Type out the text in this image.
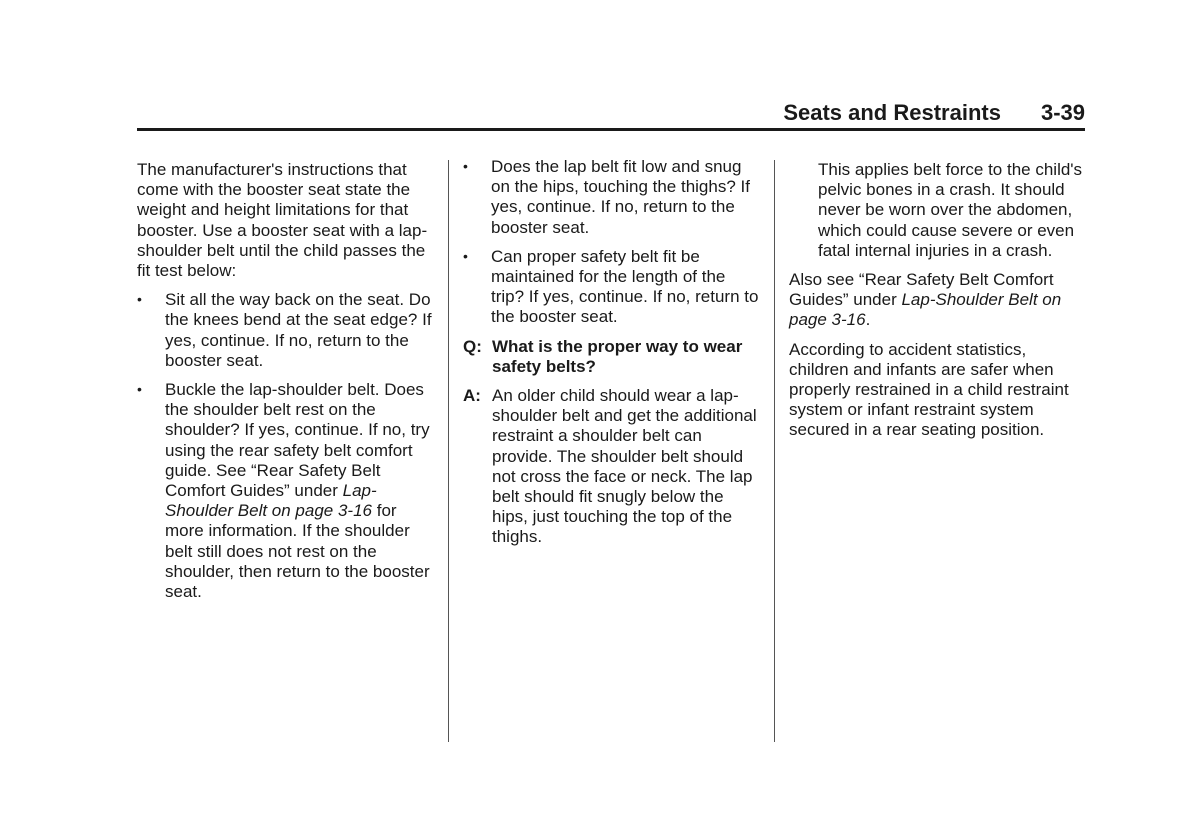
Seats and Restraints 3-39

The manufacturer's instructions that come with the booster seat state the weight and height limitations for that booster. Use a booster seat with a lap-shoulder belt until the child passes the fit test below:

• Sit all the way back on the seat. Do the knees bend at the seat edge? If yes, continue. If no, return to the booster seat.
• Buckle the lap-shoulder belt. Does the shoulder belt rest on the shoulder? If yes, continue. If no, try using the rear safety belt comfort guide. See “Rear Safety Belt Comfort Guides” under Lap-Shoulder Belt on page 3-16 for more information. If the shoulder belt still does not rest on the shoulder, then return to the booster seat.
• Does the lap belt fit low and snug on the hips, touching the thighs? If yes, continue. If no, return to the booster seat.
• Can proper safety belt fit be maintained for the length of the trip? If yes, continue. If no, return to the booster seat.
Q: What is the proper way to wear safety belts?
A: An older child should wear a lap-shoulder belt and get the additional restraint a shoulder belt can provide. The shoulder belt should not cross the face or neck. The lap belt should fit snugly below the hips, just touching the top of the thighs.

This applies belt force to the child's pelvic bones in a crash. It should never be worn over the abdomen, which could cause severe or even fatal internal injuries in a crash.

Also see “Rear Safety Belt Comfort Guides” under Lap-Shoulder Belt on page 3-16.

According to accident statistics, children and infants are safer when properly restrained in a child restraint system or infant restraint system secured in a rear seating position.
